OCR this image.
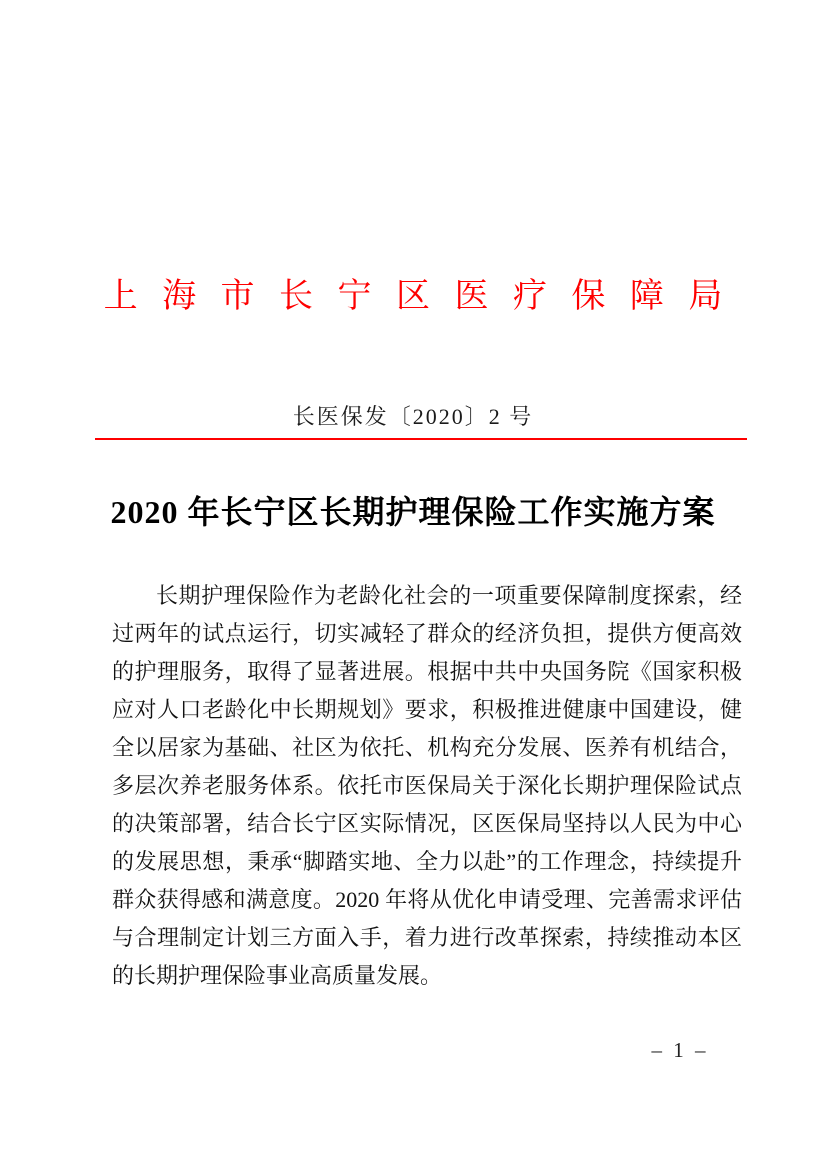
上海市长宁区医疗保障局
长医保发〔2020〕2 号
2020 年长宁区长期护理保险工作实施方案

长期护理保险作为老龄化社会的一项重要保障制度探索，经过两年的试点运行，切实减轻了群众的经济负担，提供方便高效的护理服务，取得了显著进展。根据中共中央国务院《国家积极应对人口老龄化中长期规划》要求，积极推进健康中国建设，健全以居家为基础、社区为依托、机构充分发展、医养有机结合，多层次养老服务体系。依托市医保局关于深化长期护理保险试点的决策部署，结合长宁区实际情况，区医保局坚持以人民为中心的发展思想，秉承“脚踏实地、全力以赴”的工作理念，持续提升群众获得感和满意度。2020 年将从优化申请受理、完善需求评估与合理制定计划三方面入手，着力进行改革探索，持续推动本区的长期护理保险事业高质量发展。

– 1 –
